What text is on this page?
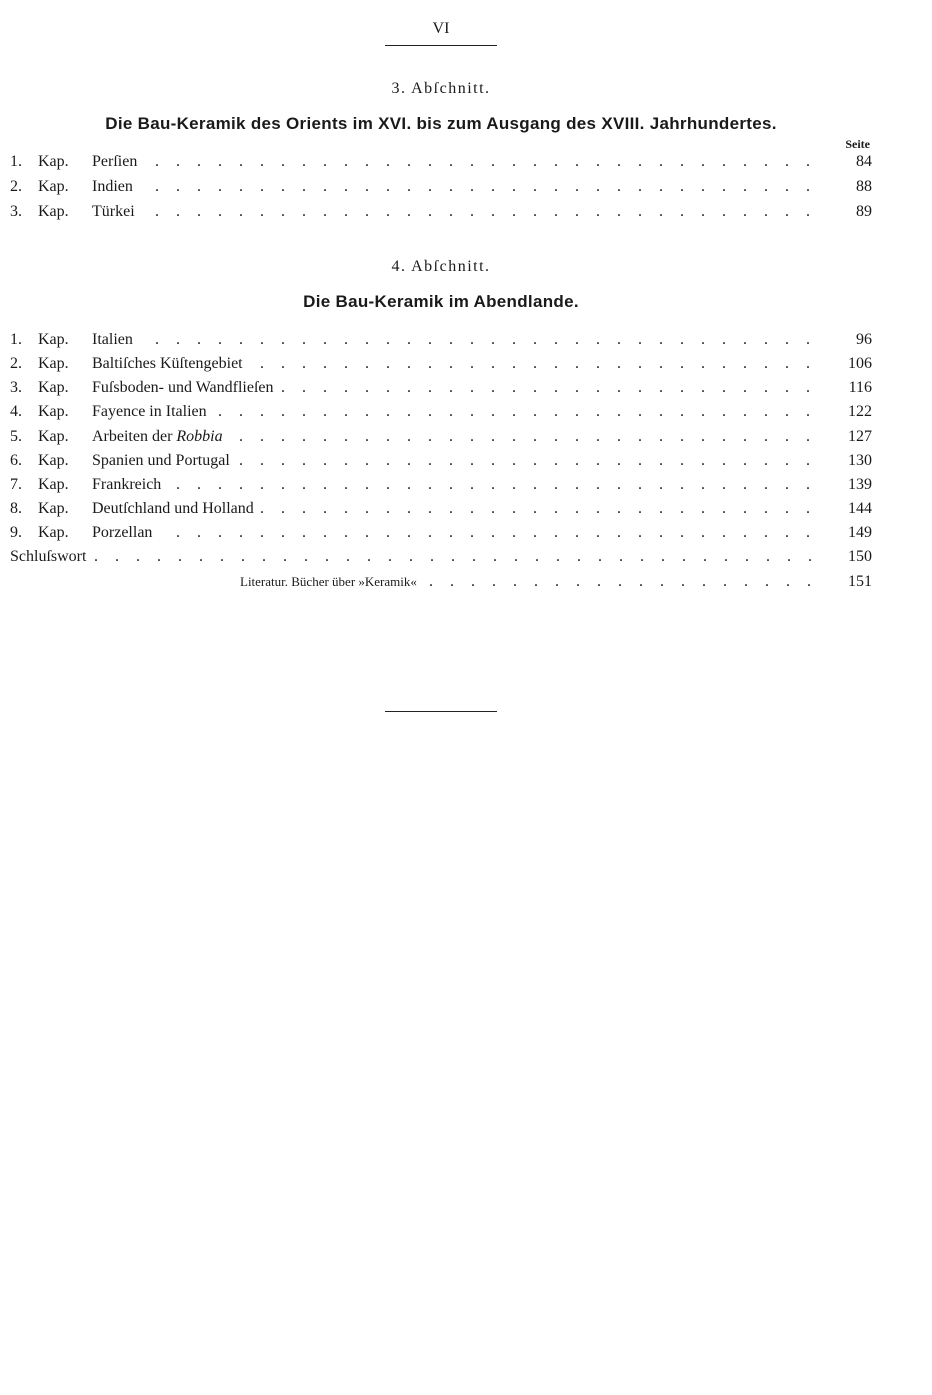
VI
3. Abſchnitt.
Die Bau-Keramik des Orients im XVI. bis zum Ausgang des XVIII. Jahrhundertes.
Seite
1. Kap. Perſien . . .	84
2. Kap. Indien . . .	88
3. Kap. Türkei . . .	89
4. Abſchnitt.
Die Bau-Keramik im Abendlande.
1. Kap. Italien . . .	96
2. Kap. Baltiſches Küſtengebiet . . .	106
3. Kap. Fuſsboden- und Wandflieſen . . .	116
4. Kap. Fayence in Italien . . .	122
5. Kap. Arbeiten der Robbia . . .	127
6. Kap. Spanien und Portugal . . .	130
7. Kap. Frankreich . . .	139
8. Kap. Deutſchland und Holland . . .	144
9. Kap. Porzellan . . .	149
Schluſswort . . .	150
Literatur. Bücher über »Keramik« . . .	151
